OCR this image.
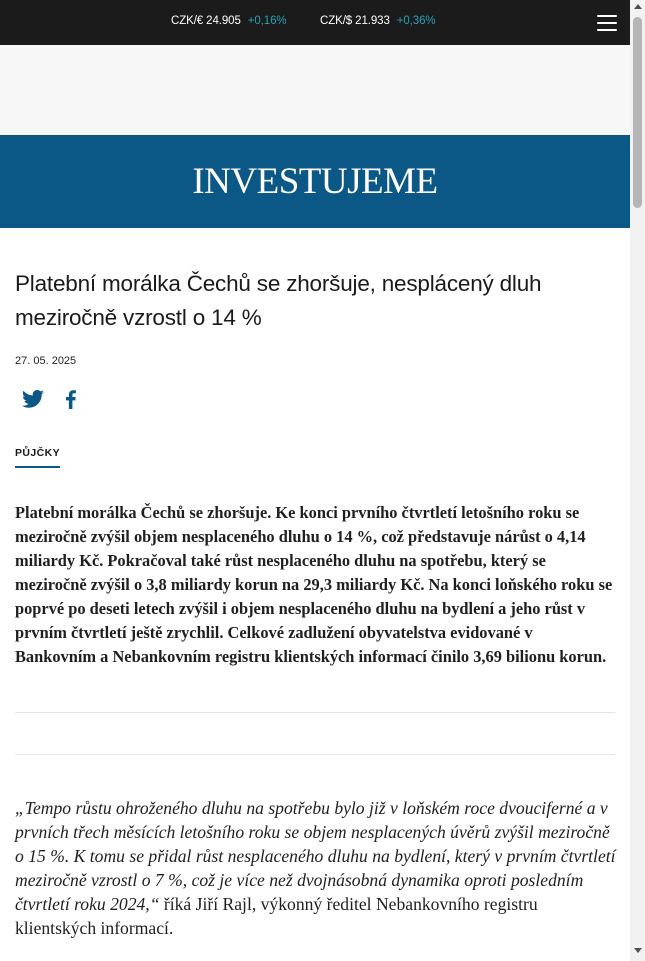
CZK/€ 24.905 +0,16%	CZK/$ 21.933 +0,36%
INVESTUJEME
Platební morálka Čechů se zhoršuje, nesplácený dluh meziročně vzrostl o 14 %
27. 05. 2025
PŮJČKY

Platební morálka Čechů se zhoršuje. Ke konci prvního čtvrtletí letošního roku se meziročně zvýšil objem nesplaceného dluhu o 14 %, což představuje nárůst o 4,14 miliardy Kč. Pokračoval také růst nesplaceného dluhu na spotřebu, který se meziročně zvýšil o 3,8 miliardy korun na 29,3 miliardy Kč. Na konci loňského roku se poprvé po deseti letech zvýšil i objem nesplaceného dluhu na bydlení a jeho růst v prvním čtvrtletí ještě zrychlil. Celkové zadlužení obyvatelstva evidované v Bankovním a Nebankovním registru klientských informací činilo 3,69 bilionu korun.

„Tempo růstu ohroženého dluhu na spotřebu bylo již v loňském roce dvouciferné a v prvních třech měsících letošního roku se objem nesplacených úvěrů zvýšil meziročně o 15 %. K tomu se přidal růst nesplaceného dluhu na bydlení, který v prvním čtvrtletí meziročně vzrostl o 7 %, což je více než dvojnásobná dynamika oproti posledním čtvrtletí roku 2024,“ říká Jiří Rajl, výkonný ředitel Nebankovního registru klientských informací.
